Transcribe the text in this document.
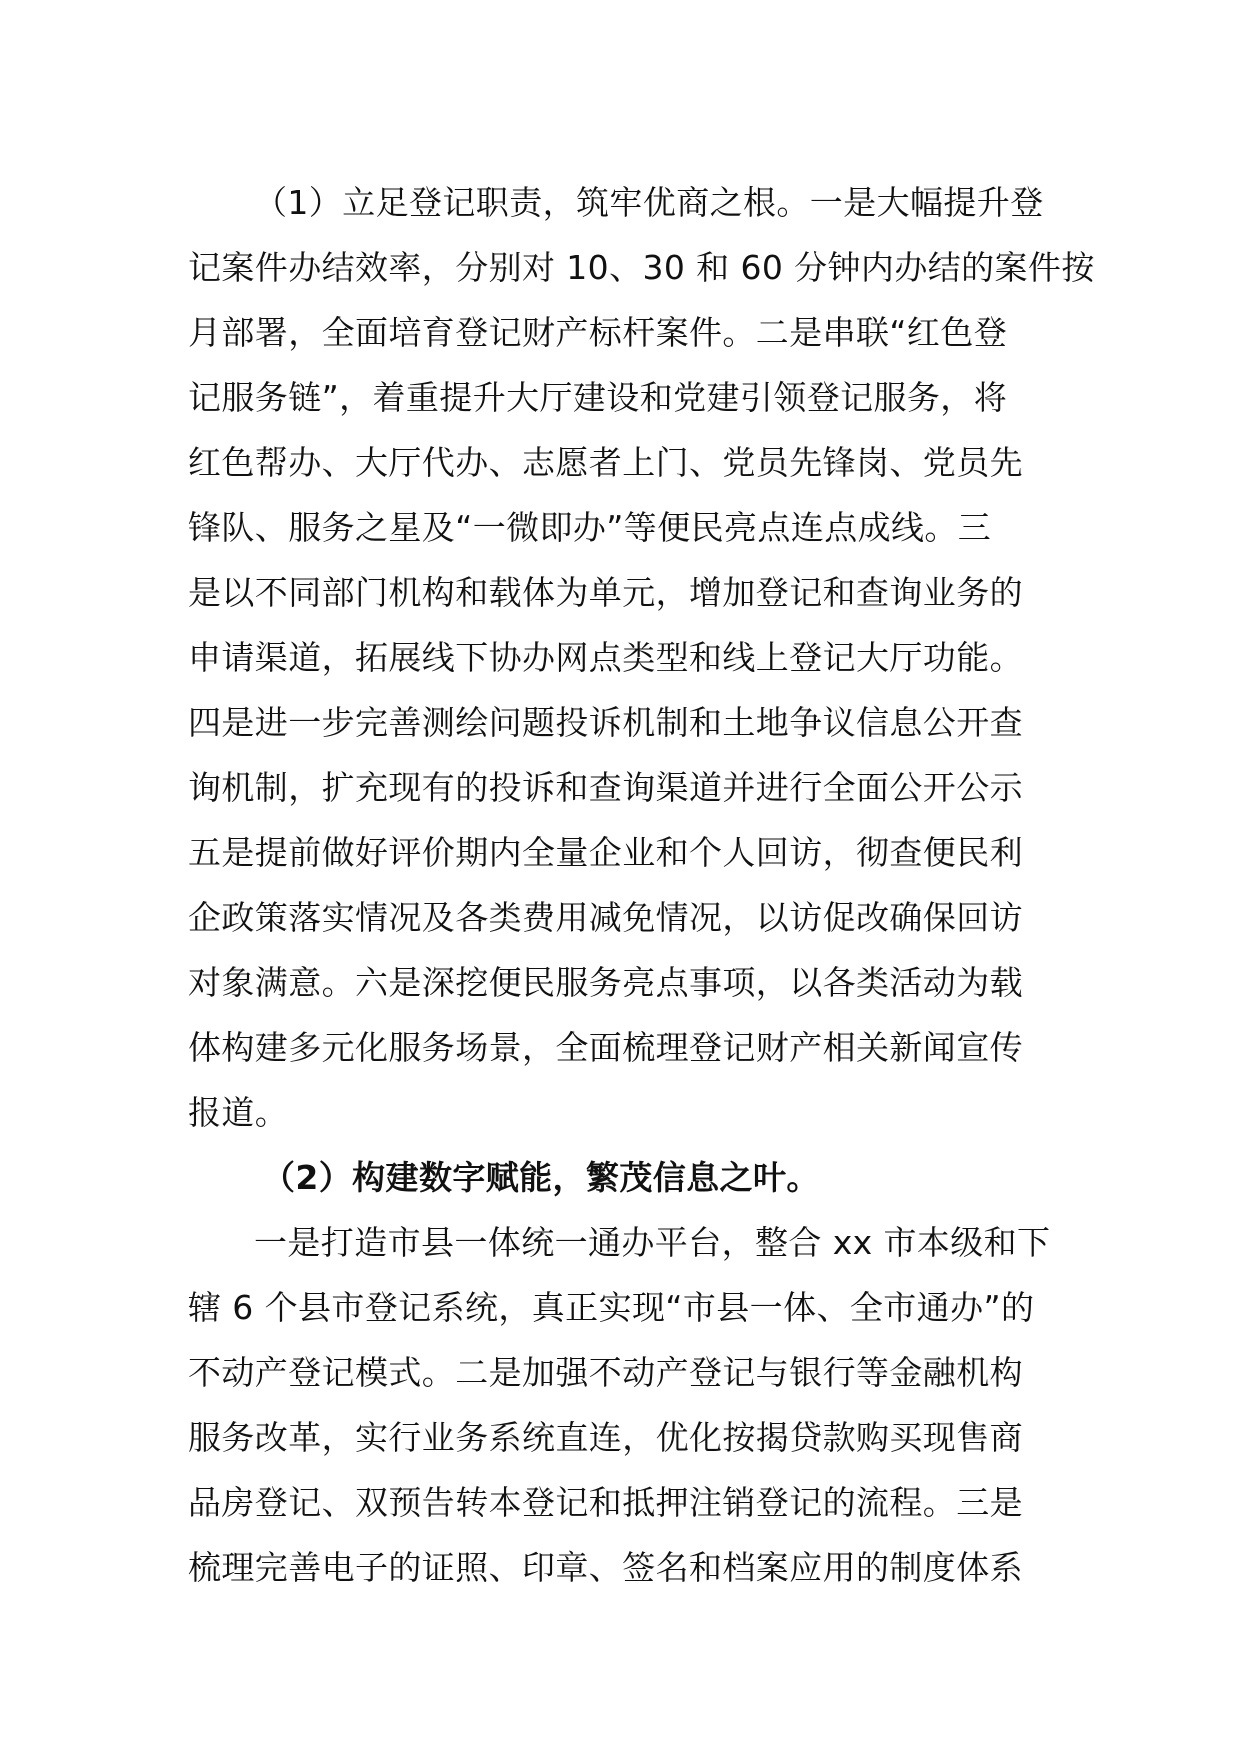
（1）立足登记职责，筑牢优商之根。一是大幅提升登
记案件办结效率，分别对 10、30 和 60 分钟内办结的案件按
月部署，全面培育登记财产标杆案件。二是串联“红色登
记服务链”，着重提升大厅建设和党建引领登记服务，将
红色帮办、大厅代办、志愿者上门、党员先锋岗、党员先
锋队、服务之星及“一微即办”等便民亮点连点成线。三
是以不同部门机构和载体为单元，增加登记和查询业务的
申请渠道，拓展线下协办网点类型和线上登记大厅功能。
四是进一步完善测绘问题投诉机制和土地争议信息公开查
询机制，扩充现有的投诉和查询渠道并进行全面公开公示
五是提前做好评价期内全量企业和个人回访，彻查便民利
企政策落实情况及各类费用减免情况，以访促改确保回访
对象满意。六是深挖便民服务亮点事项，以各类活动为载
体构建多元化服务场景，全面梳理登记财产相关新闻宣传
报道。
（2）构建数字赋能，繁茂信息之叶。
一是打造市县一体统一通办平台，整合 xx 市本级和下
辖 6 个县市登记系统，真正实现“市县一体、全市通办”的
不动产登记模式。二是加强不动产登记与银行等金融机构
服务改革，实行业务系统直连，优化按揭贷款购买现售商
品房登记、双预告转本登记和抵押注销登记的流程。三是
梳理完善电子的证照、印章、签名和档案应用的制度体系
